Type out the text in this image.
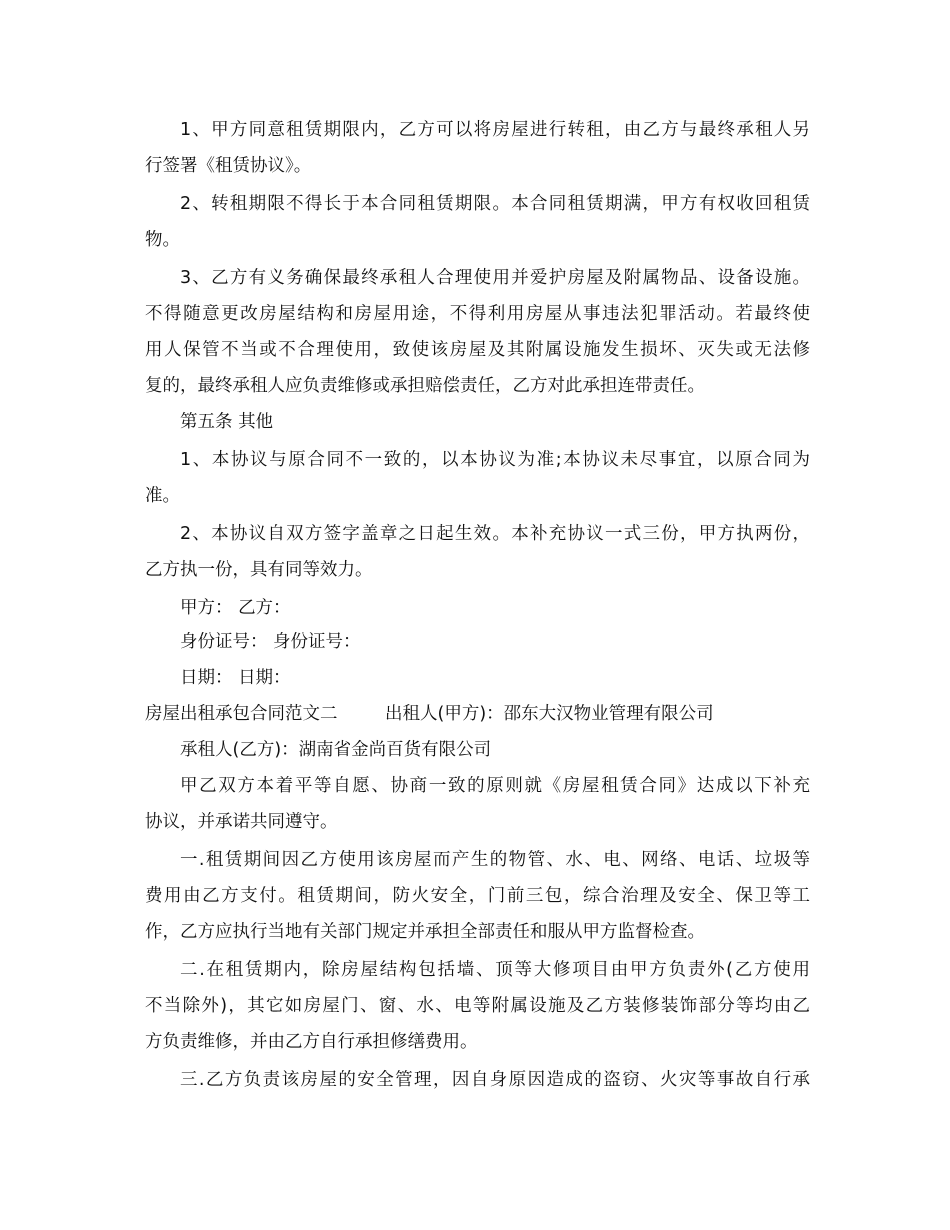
1、甲方同意租赁期限内，乙方可以将房屋进行转租，由乙方与最终承租人另
行签署《租赁协议》。
2、转租期限不得长于本合同租赁期限。本合同租赁期满，甲方有权收回租赁
物。
3、乙方有义务确保最终承租人合理使用并爱护房屋及附属物品、设备设施。
不得随意更改房屋结构和房屋用途，不得利用房屋从事违法犯罪活动。若最终使
用人保管不当或不合理使用，致使该房屋及其附属设施发生损坏、灭失或无法修
复的，最终承租人应负责维修或承担赔偿责任，乙方对此承担连带责任。
第五条 其他
1、本协议与原合同不一致的，以本协议为准;本协议未尽事宜，以原合同为
准。
2、本协议自双方签字盖章之日起生效。本补充协议一式三份，甲方执两份，
乙方执一份，具有同等效力。
甲方： 乙方：
身份证号： 身份证号：
日期： 日期：
房屋出租承包合同范文二	出租人(甲方)：邵东大汉物业管理有限公司
承租人(乙方)：湖南省金尚百货有限公司
甲乙双方本着平等自愿、协商一致的原则就《房屋租赁合同》达成以下补充
协议，并承诺共同遵守。
一.租赁期间因乙方使用该房屋而产生的物管、水、电、网络、电话、垃圾等
费用由乙方支付。租赁期间，防火安全，门前三包，综合治理及安全、保卫等工
作，乙方应执行当地有关部门规定并承担全部责任和服从甲方监督检查。
二.在租赁期内，除房屋结构包括墙、顶等大修项目由甲方负责外(乙方使用
不当除外)，其它如房屋门、窗、水、电等附属设施及乙方装修装饰部分等均由乙
方负责维修，并由乙方自行承担修缮费用。
三.乙方负责该房屋的安全管理，因自身原因造成的盗窃、火灾等事故自行承
